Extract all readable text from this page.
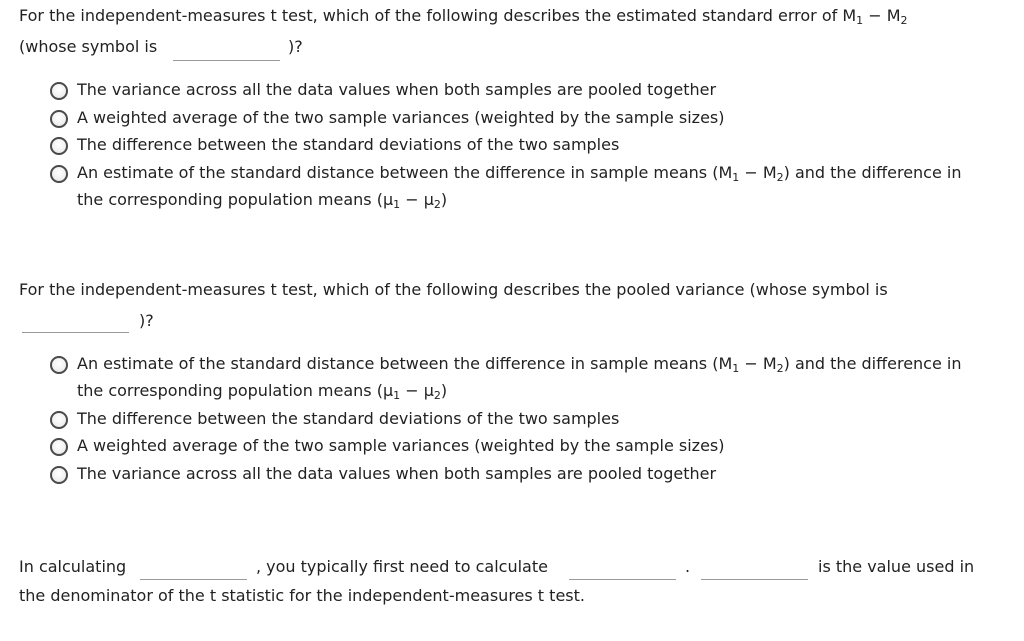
For the independent-measures t test, which of the following describes the estimated standard error of $M_1 - M_2$
(whose symbol is	)?
The variance across all the data values when both samples are pooled together
A weighted average of the two sample variances (weighted by the sample sizes)
The difference between the standard deviations of the two samples
An estimate of the standard distance between the difference in sample means $(M_1 - M_2)$ and the difference in
the corresponding population means $(\mu_1 - \mu_2)$
For the independent-measures t test, which of the following describes the pooled variance (whose symbol is
)?
An estimate of the standard distance between the difference in sample means $(M_1 - M_2)$ and the difference in
the corresponding population means $(\mu_1 - \mu_2)$
The difference between the standard deviations of the two samples
A weighted average of the two sample variances (weighted by the sample sizes)
The variance across all the data values when both samples are pooled together
In calculating	, you typically first need to calculate	.	is the value used in
the denominator of the t statistic for the independent-measures t test.
